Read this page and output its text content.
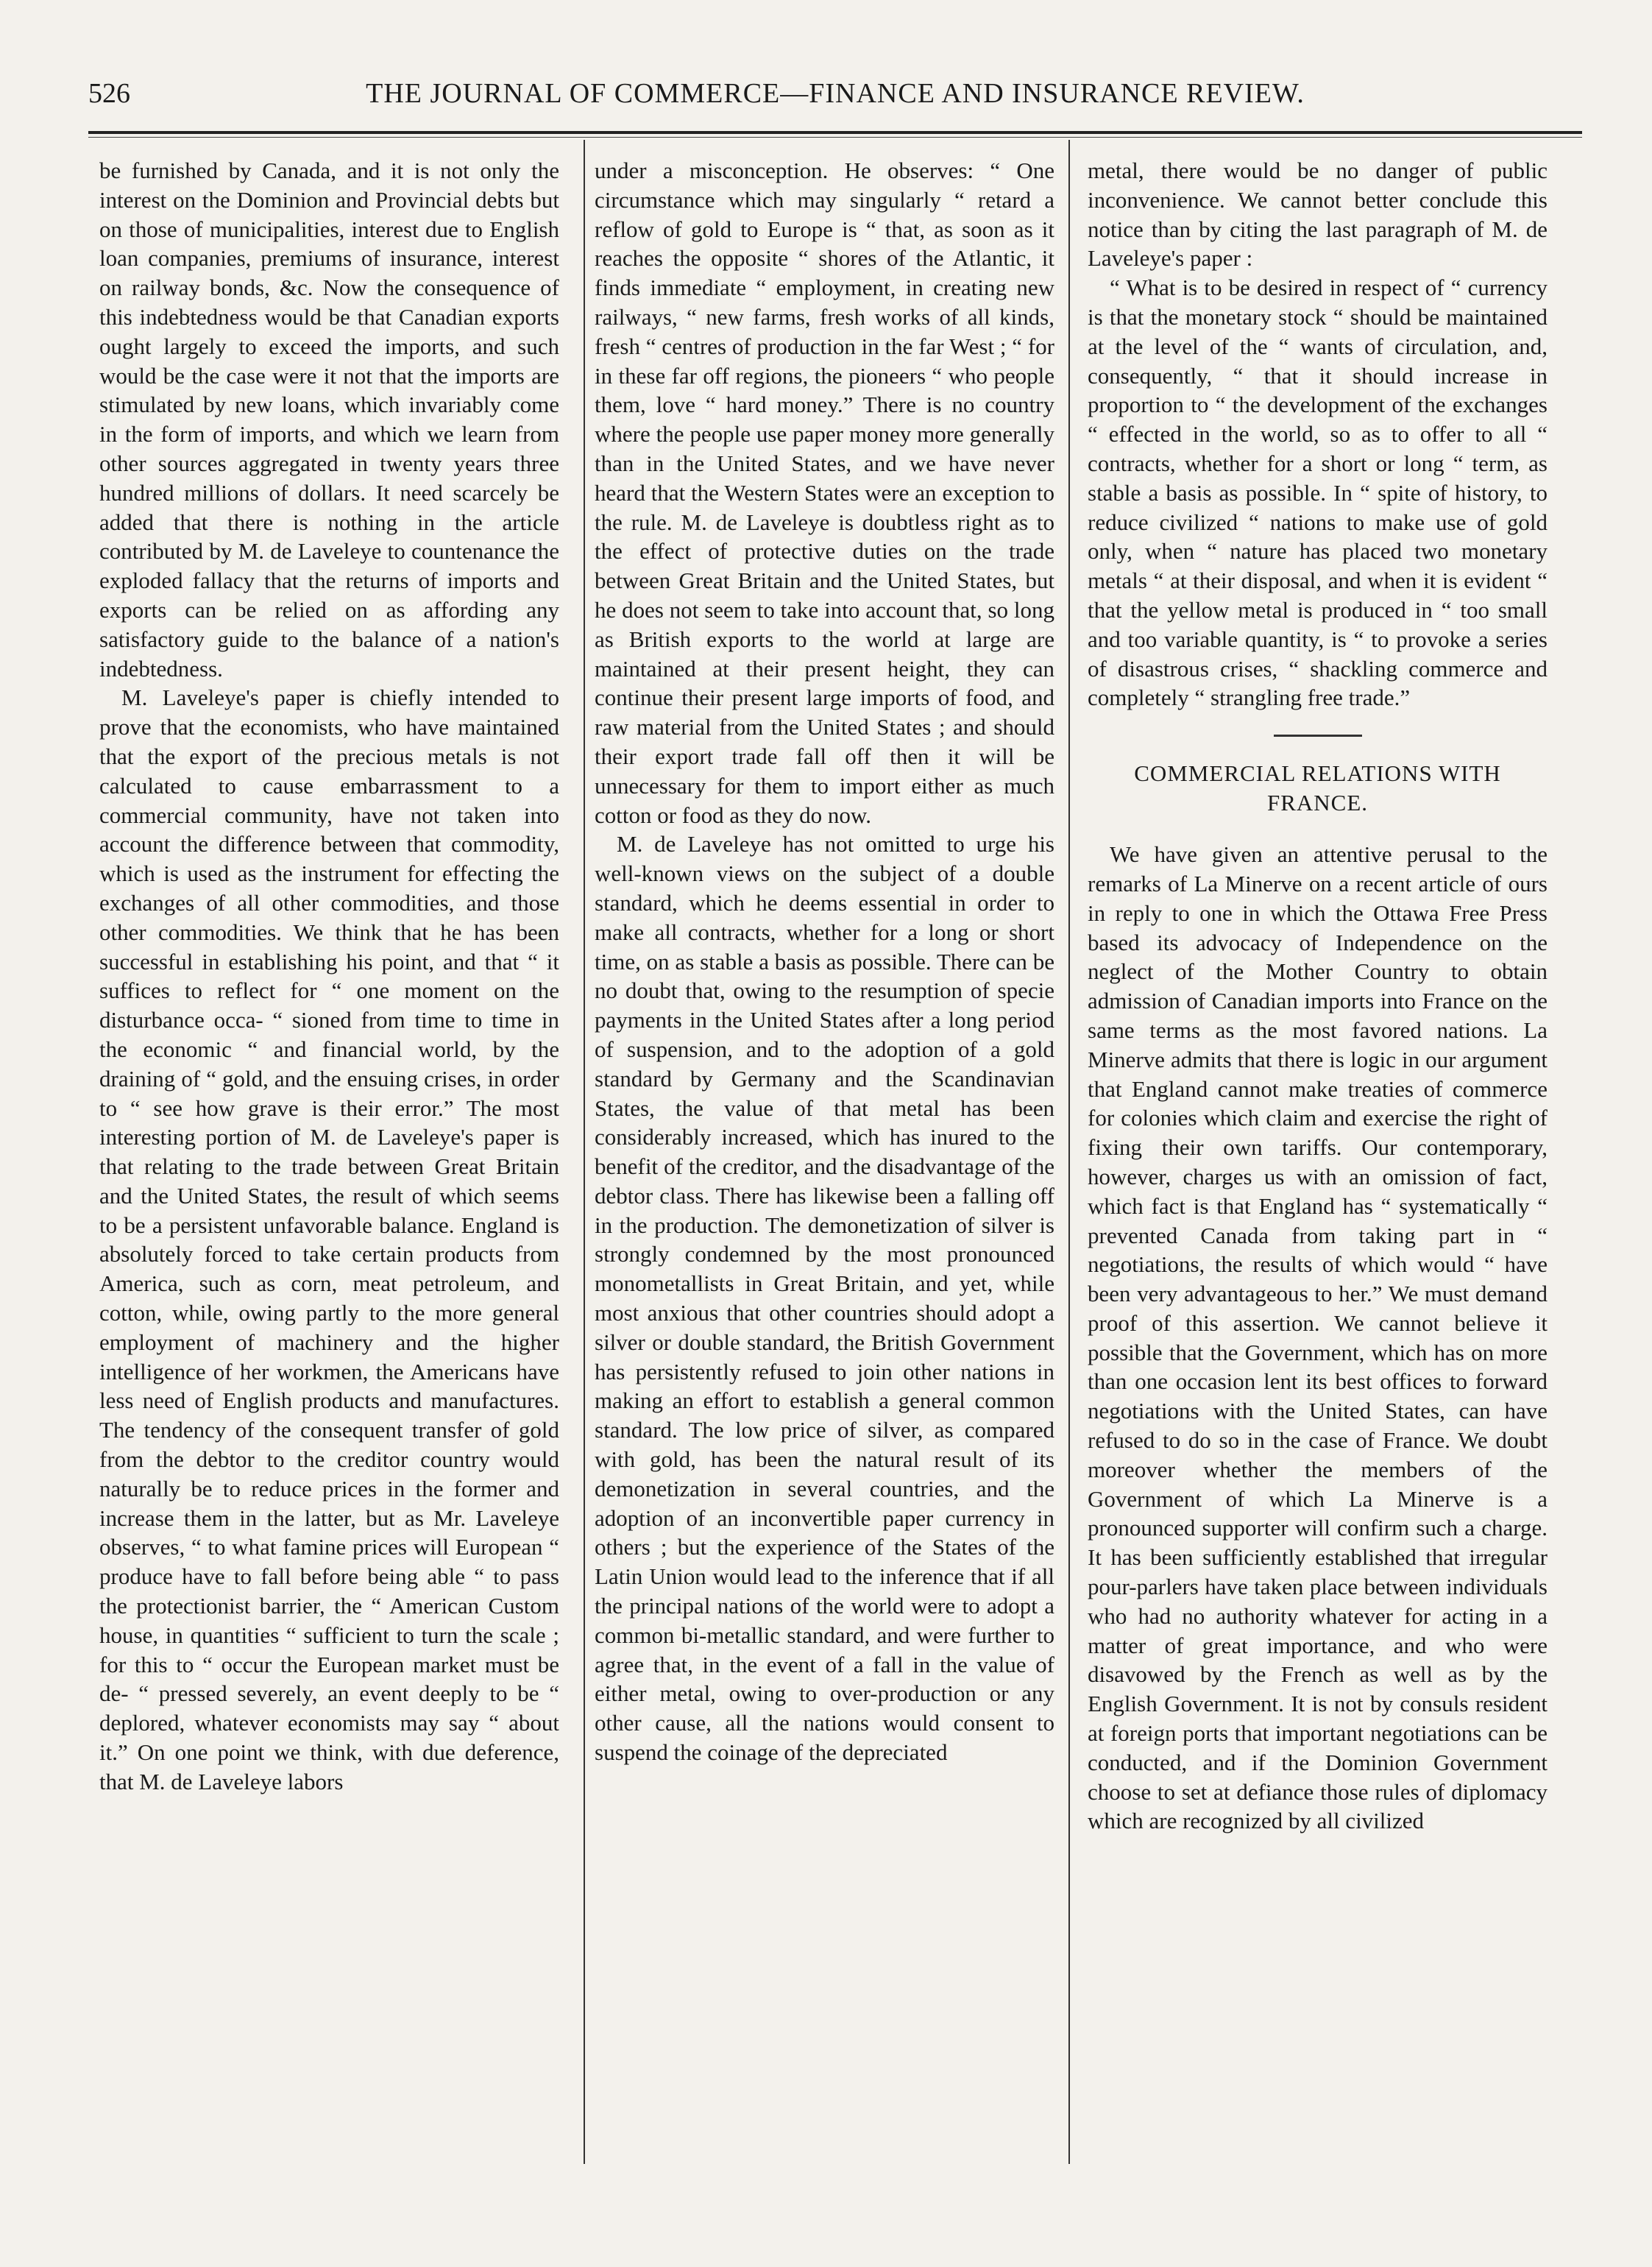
526	THE JOURNAL OF COMMERCE—FINANCE AND INSURANCE REVIEW.

be furnished by Canada, and it is not only the interest on the Dominion and Provincial debts but on those of municipalities, interest due to English loan companies, premiums of insurance, interest on railway bonds, &c. Now the consequence of this indebtedness would be that Canadian exports ought largely to exceed the imports, and such would be the case were it not that the imports are stimulated by new loans, which invariably come in the form of imports, and which we learn from other sources aggregated in twenty years three hundred millions of dollars. It need scarcely be added that there is nothing in the article contributed by M. de Laveleye to countenance the exploded fallacy that the returns of imports and exports can be relied on as affording any satisfactory guide to the balance of a nation's indebtedness.

M. Laveleye's paper is chiefly intended to prove that the economists, who have maintained that the export of the precious metals is not calculated to cause embarrassment to a commercial community, have not taken into account the difference between that commodity, which is used as the instrument for effecting the exchanges of all other commodities, and those other commodities. We think that he has been successful in establishing his point, and that “ it suffices to reflect for “ one moment on the disturbance occa- “ sioned from time to time in the economic “ and financial world, by the draining of “ gold, and the ensuing crises, in order to “ see how grave is their error.” The most interesting portion of M. de Laveleye's paper is that relating to the trade between Great Britain and the United States, the result of which seems to be a persistent unfavorable balance. England is absolutely forced to take certain products from America, such as corn, meat petroleum, and cotton, while, owing partly to the more general employment of machinery and the higher intelligence of her workmen, the Americans have less need of English products and manufactures. The tendency of the consequent transfer of gold from the debtor to the creditor country would naturally be to reduce prices in the former and increase them in the latter, but as Mr. Laveleye observes, “ to what famine prices will European “ produce have to fall before being able “ to pass the protectionist barrier, the “ American Custom house, in quantities “ sufficient to turn the scale ; for this to “ occur the European market must be de- “ pressed severely, an event deeply to be “ deplored, whatever economists may say “ about it.” On one point we think, with due deference, that M. de Laveleye labors

under a misconception. He observes: “ One circumstance which may singularly “ retard a reflow of gold to Europe is “ that, as soon as it reaches the opposite “ shores of the Atlantic, it finds immediate “ employment, in creating new railways, “ new farms, fresh works of all kinds, fresh “ centres of production in the far West ; “ for in these far off regions, the pioneers “ who people them, love “ hard money.” There is no country where the people use paper money more generally than in the United States, and we have never heard that the Western States were an exception to the rule. M. de Laveleye is doubtless right as to the effect of protective duties on the trade between Great Britain and the United States, but he does not seem to take into account that, so long as British exports to the world at large are maintained at their present height, they can continue their present large imports of food, and raw material from the United States ; and should their export trade fall off then it will be unnecessary for them to import either as much cotton or food as they do now.

M. de Laveleye has not omitted to urge his well-known views on the subject of a double standard, which he deems essential in order to make all contracts, whether for a long or short time, on as stable a basis as possible. There can be no doubt that, owing to the resumption of specie payments in the United States after a long period of suspension, and to the adoption of a gold standard by Germany and the Scandinavian States, the value of that metal has been considerably increased, which has inured to the benefit of the creditor, and the disadvantage of the debtor class. There has likewise been a falling off in the production. The demonetization of silver is strongly condemned by the most pronounced monometallists in Great Britain, and yet, while most anxious that other countries should adopt a silver or double standard, the British Government has persistently refused to join other nations in making an effort to establish a general common standard. The low price of silver, as compared with gold, has been the natural result of its demonetization in several countries, and the adoption of an inconvertible paper currency in others ; but the experience of the States of the Latin Union would lead to the inference that if all the principal nations of the world were to adopt a common bi-metallic standard, and were further to agree that, in the event of a fall in the value of either metal, owing to over-production or any other cause, all the nations would consent to suspend the coinage of the depreciated

metal, there would be no danger of public inconvenience. We cannot better conclude this notice than by citing the last paragraph of M. de Laveleye's paper :

“ What is to be desired in respect of “ currency is that the monetary stock “ should be maintained at the level of the “ wants of circulation, and, consequently, “ that it should increase in proportion to “ the development of the exchanges “ effected in the world, so as to offer to all “ contracts, whether for a short or long “ term, as stable a basis as possible. In “ spite of history, to reduce civilized “ nations to make use of gold only, when “ nature has placed two monetary metals “ at their disposal, and when it is evident “ that the yellow metal is produced in “ too small and too variable quantity, is “ to provoke a series of disastrous crises, “ shackling commerce and completely “ strangling free trade.”

COMMERCIAL RELATIONS WITH FRANCE.

We have given an attentive perusal to the remarks of La Minerve on a recent article of ours in reply to one in which the Ottawa Free Press based its advocacy of Independence on the neglect of the Mother Country to obtain admission of Canadian imports into France on the same terms as the most favored nations. La Minerve admits that there is logic in our argument that England cannot make treaties of commerce for colonies which claim and exercise the right of fixing their own tariffs. Our contemporary, however, charges us with an omission of fact, which fact is that England has “ systematically “ prevented Canada from taking part in “ negotiations, the results of which would “ have been very advantageous to her.” We must demand proof of this assertion. We cannot believe it possible that the Government, which has on more than one occasion lent its best offices to forward negotiations with the United States, can have refused to do so in the case of France. We doubt moreover whether the members of the Government of which La Minerve is a pronounced supporter will confirm such a charge. It has been sufficiently established that irregular pour-parlers have taken place between individuals who had no authority whatever for acting in a matter of great importance, and who were disavowed by the French as well as by the English Government. It is not by consuls resident at foreign ports that important negotiations can be conducted, and if the Dominion Government choose to set at defiance those rules of diplomacy which are recognized by all civilized
